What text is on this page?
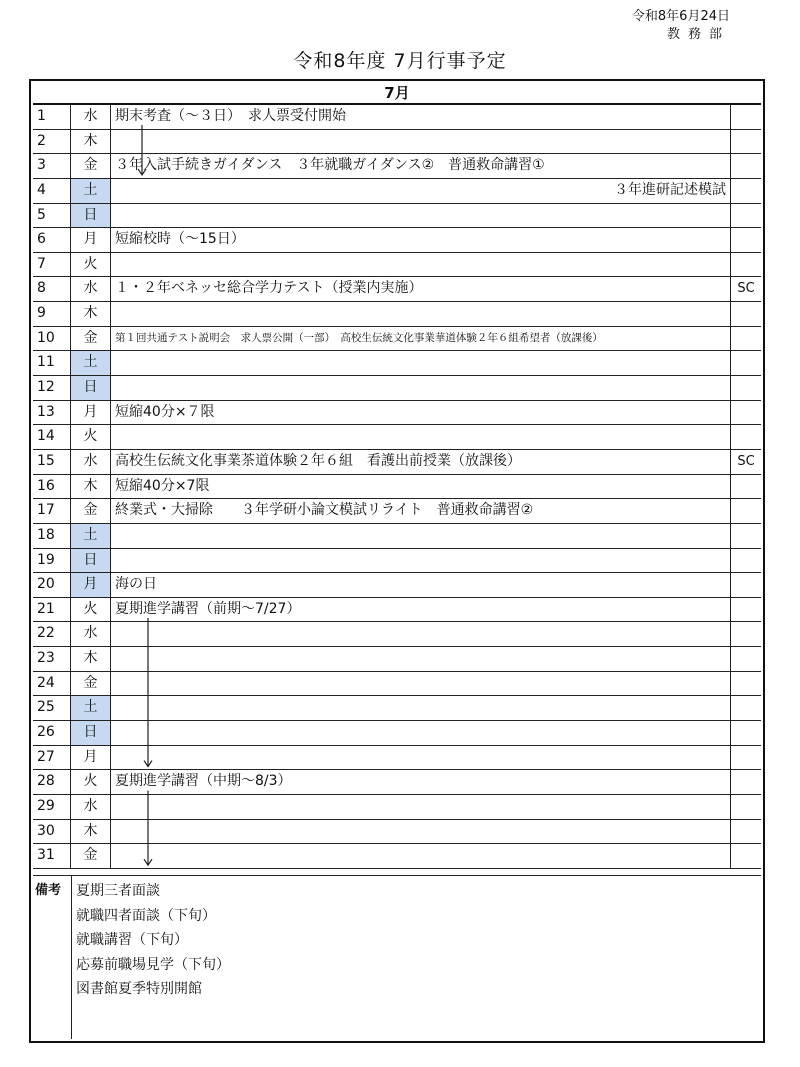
令和8年6月24日
教務部
令和8年度 7月行事予定
7月
1	水	期末考査（～３日）　求人票受付開始
2	木
3	金	３年入試手続きガイダンス　３年就職ガイダンス②　普通救命講習①
4	土	３年進研記述模試
5	日
6	月	短縮校時（～15日）
7	火
8	水	１・２年ベネッセ総合学力テスト（授業内実施）	SC
9	木
10	金	第１回共通テスト説明会　求人票公開（一部）　高校生伝統文化事業華道体験２年６組希望者（放課後）
11	土
12	日
13	月	短縮40分×７限
14	火
15	水	高校生伝統文化事業茶道体験２年６組　看護出前授業（放課後）	SC
16	木	短縮40分×7限
17	金	終業式・大掃除　　３年学研小論文模試リライト　普通救命講習②
18	土
19	日
20	月	海の日
21	火	夏期進学講習（前期～7/27）
22	水
23	木
24	金
25	土
26	日
27	月
28	火	夏期進学講習（中期～8/3）
29	水
30	木
31	金
備考	夏期三者面談
就職四者面談（下旬）
就職講習（下旬）
応募前職場見学（下旬）
図書館夏季特別開館
